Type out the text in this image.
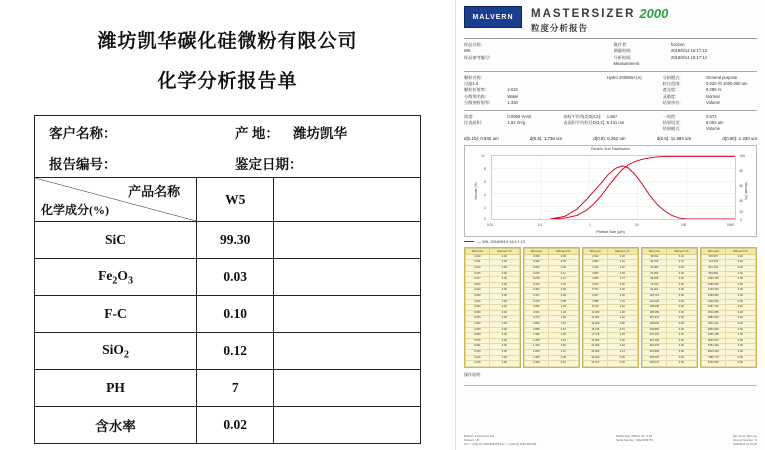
潍坊凯华碳化硅微粉有限公司
化学分析报告单
客户名称：	产 地： 潍坊凯华
报告编号：	鉴定日期：
产品名称
化学成分(%)	W5	
SiC	99.30	
$Fe_2O_3$	0.03	
F-C	0.10	
SiO$_2$	0.12	
PH	7	
含水率	0.02	
MALVERN	MASTERSIZER 2000
粒度分析报告
样品名称:
W5
样品参考编号:
操作者:	horizon
测量时间:	2018/8/14 16:17:13
分析时间:	2018/8/14 16:17:14
Measurement
颗粒名称:
过滤1.0
颗粒折射率:	2.610
分散剂名称:	Water
分散剂折射率:	1.330
Hydro 2000MU (A)	分析模式:	General purpose
粒径范围:	0.020 到 1000.000 um
遮光度:	9.296 %
灵敏度:	Normal
结果单位:	Volume
浓度:	0.0059 %Vol
比表面积:	1.92 m²/g
加权平均残差D[4,3]:	1.867
表面积平均粒径D[3,2]: 5.131 um
一致性:	0.572
结果误差:	8.062 um
结果模式:	Volume
d(0.10): 0.842 um	d(0.5): 1.738 um	d(0.9): 0.262 um	d(0.5): 11.593 um	d(0.90): 1.330 um
Particle Size Distribution
Volume (%)	Volume (%)
Particle Size (μm)
10
8
6
4
2
0
100
80
60
40
20
0
0.01	0.1	1	10	100	1000
— W5, 2018/8/14 16:17:13
Size (um)	Volume In %
0.010	0.00
0.011	0.00
0.013	0.00
0.015	0.00
0.017	0.00
0.020	0.00
0.023	0.00
0.026	0.00
0.030	0.00
0.034	0.00
0.039	0.00
0.045	0.00
0.052	0.00
0.060	0.00
0.069	0.00
0.079	0.00
0.091	0.00
0.105	0.00
0.120	0.00
0.138	0.00
Size (um)	Volume In %
0.158	0.00
0.182	0.00
0.209	0.05
0.240	0.12
0.275	0.21
0.316	0.33
0.363	0.48
0.417	0.66
0.479	0.86
0.550	1.09
0.631	1.34
0.724	1.60
0.832	1.87
0.955	2.13
1.096	2.38
1.259	2.61
1.445	2.81
1.660	2.97
1.905	3.09
2.188	3.16
Size (um)	Volume In %
2.512	3.18
2.884	3.15
3.311	3.07
3.802	2.94
4.365	2.77
5.012	2.56
5.754	2.32
6.607	2.06
7.586	1.79
8.710	1.52
10.000	1.26
11.482	1.02
13.183	0.80
15.136	0.61
17.378	0.45
19.953	0.32
22.909	0.22
26.303	0.14
30.200	0.09
34.674	0.05
Size (um)	Volume In %
39.811	0.03
45.709	0.01
52.481	0.00
60.256	0.00
69.183	0.00
79.433	0.00
91.201	0.00
104.713	0.00
120.226	0.00
138.038	0.00
158.489	0.00
181.970	0.00
208.930	0.00
239.883	0.00
275.423	0.00
316.228	0.00
363.078	0.00
416.869	0.00
478.630	0.00
549.541	0.00
Size (um)	Volume In %
630.957	0.00
724.436	0.00
831.764	0.00
954.993	0.00
1096.478	0.00
1258.925	0.00
1445.440	0.00
1659.587	0.00
1905.461	0.00
2187.762	0.00
2511.886	0.00
2884.032	0.00
3311.311	0.00
3801.894	0.00
4365.158	0.00
5011.872	0.00
5754.399	0.00
6606.934	0.00
7585.776	0.00
8709.636	0.00
操作说明：
Malvern Instruments Ltd.
Malvern, UK
Tel := +[44] (0) 1684 892456 Fax := +[44] (0) 1684 892789
Mastersizer 2000 E Ver. 5.60
Serial Number : MAL1059753
File name: W5.mea
Record Number : 9
2018/8/14 16:22:25
